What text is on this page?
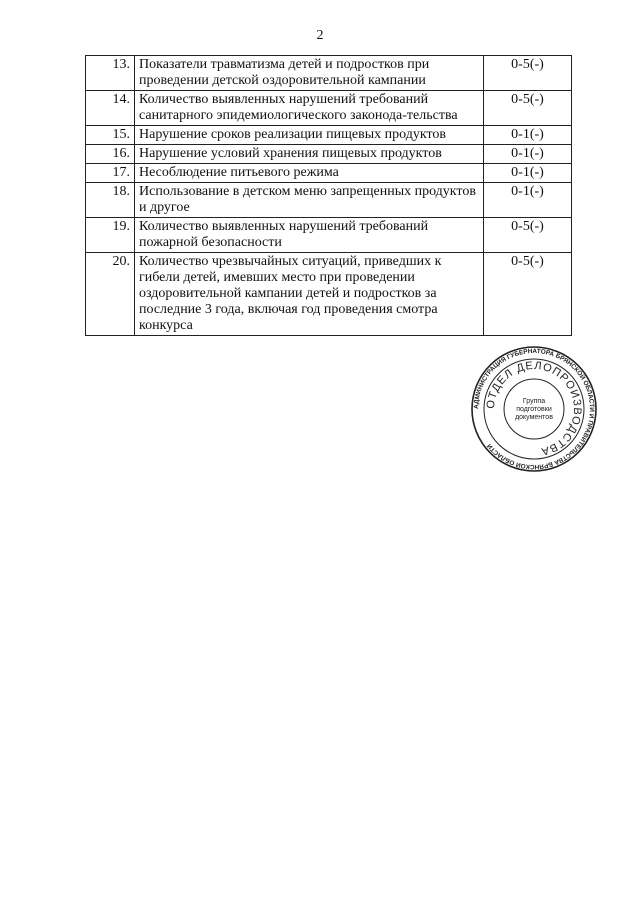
2
13.	Показатели травматизма детей и подростков при проведении детской оздоровительной кампании	0-5(-)
14.	Количество выявленных нарушений требований санитарного эпидемиологического законода-тельства	0-5(-)
15.	Нарушение сроков реализации пищевых продуктов	0-1(-)
16.	Нарушение условий хранения пищевых продуктов	0-1(-)
17.	Несоблюдение питьевого режима	0-1(-)
18.	Использование в детском меню запрещенных продуктов и другое	0-1(-)
19.	Количество выявленных нарушений требований пожарной безопасности	0-5(-)
20.	Количество чрезвычайных ситуаций, приведших к гибели детей, имевших место при проведении оздоровительной кампании детей и подростков за последние 3 года, включая год проведения смотра конкурса	0-5(-)
АДМИНИСТРАЦИЯ ГУБЕРНАТОРА БРЯНСКОЙ ОБЛАСТИ И ПРАВИТЕЛЬСТВА БРЯНСКОЙ ОБЛАСТИ
ОТДЕЛ ДЕЛОПРОИЗВОДСТВА
Группа
подготовки
документов
